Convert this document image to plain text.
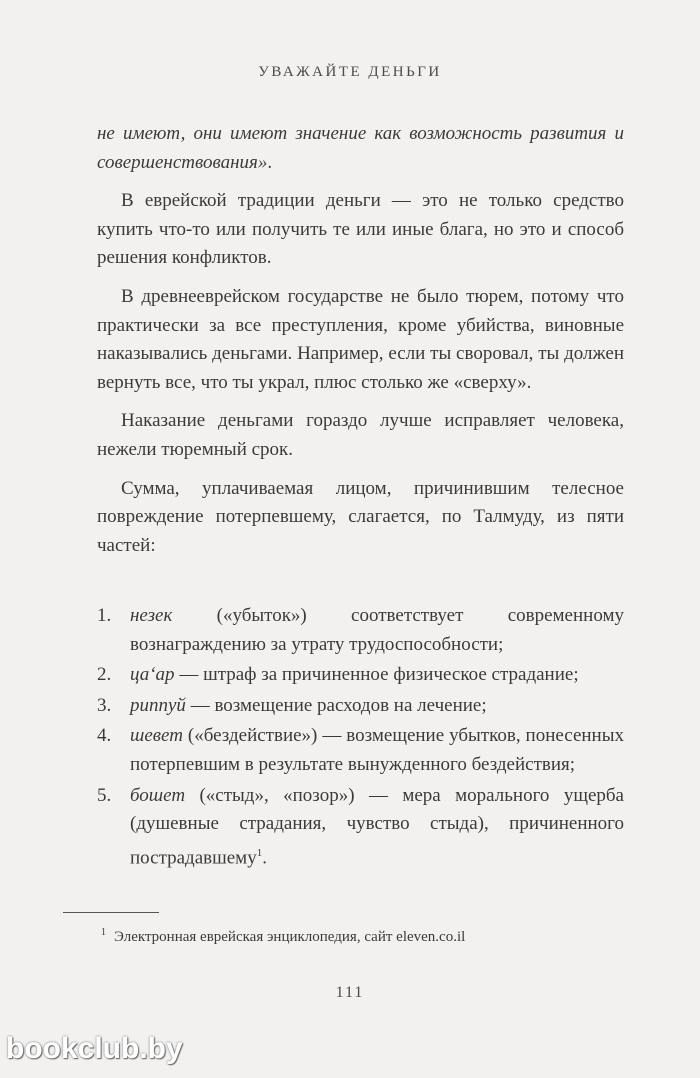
УВАЖАЙТЕ ДЕНЬГИ

не имеют, они имеют значение как возможность развития и совершенствования».

В еврейской традиции деньги — это не только средство купить что-то или получить те или иные блага, но это и способ решения конфликтов.

В древнееврейском государстве не было тюрем, потому что практически за все преступления, кроме убийства, виновные наказывались деньгами. Например, если ты своровал, ты должен вернуть все, что ты украл, плюс столько же «сверху».

Наказание деньгами гораздо лучше исправляет человека, нежели тюремный срок.

Сумма, уплачиваемая лицом, причинившим телесное повреждение потерпевшему, слагается, по Талмуду, из пяти частей:

1. незек («убыток») соответствует современному вознаграждению за утрату трудоспособности;
2. ца‘ар — штраф за причиненное физическое страдание;
3. риппуй — возмещение расходов на лечение;
4. шевет («бездействие») — возмещение убытков, понесенных потерпевшим в результате вынужденного бездействия;
5. бошет («стыд», «позор») — мера морального ущерба (душевные страдания, чувство стыда), причиненного пострадавшему$^1$.
$^1$ Электронная еврейская энциклопедия, сайт eleven.co.il
111
bookclub.by
